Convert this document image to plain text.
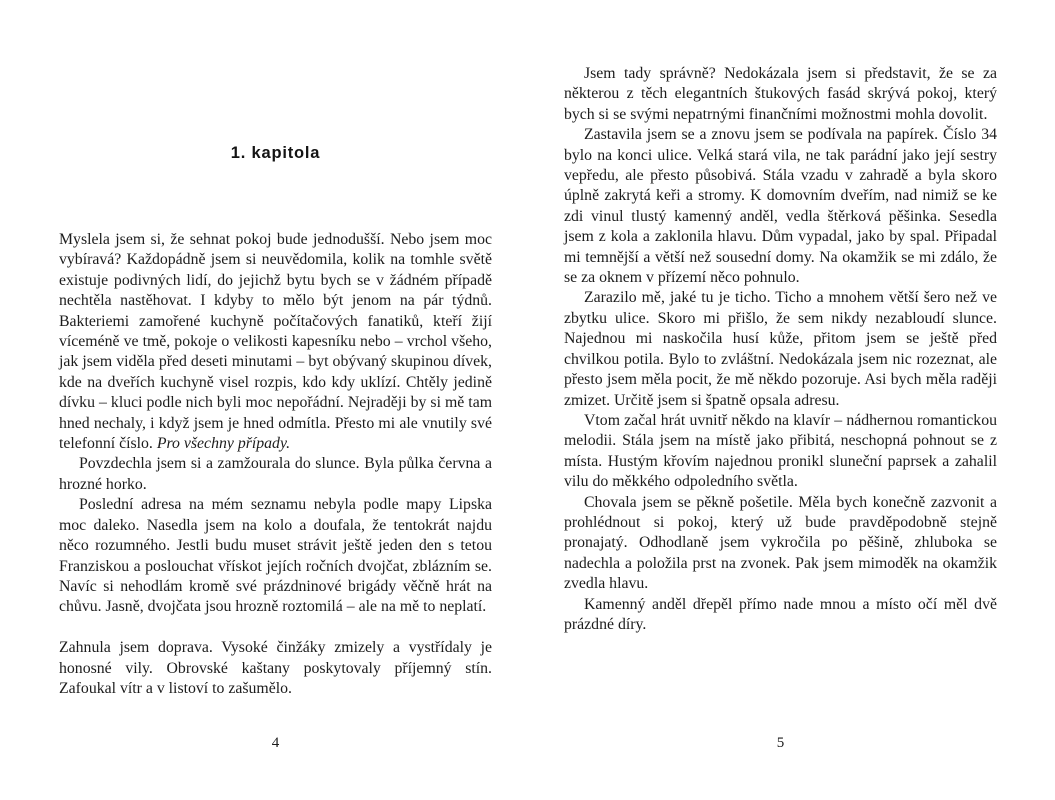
1. kapitola

Myslela jsem si, že sehnat pokoj bude jednodušší. Nebo jsem moc vybíravá? Každopádně jsem si neuvědomila, kolik na tomhle světě existuje podivných lidí, do jejichž bytu bych se v žádném případě nechtěla nastěhovat. I kdyby to mělo být jenom na pár týdnů. Bakteriemi zamořené kuchyně počítačových fanatiků, kteří žijí víceméně ve tmě, pokoje o velikosti kapesníku nebo – vrchol všeho, jak jsem viděla před deseti minutami – byt obývaný skupinou dívek, kde na dveřích kuchyně visel rozpis, kdo kdy uklízí. Chtěly jedině dívku – kluci podle nich byli moc nepořádní. Nejraději by si mě tam hned nechaly, i když jsem je hned odmítla. Přesto mi ale vnutily své telefonní číslo. Pro všechny případy.

Povzdechla jsem si a zamžourala do slunce. Byla půlka června a hrozné horko.

Poslední adresa na mém seznamu nebyla podle mapy Lipska moc daleko. Nasedla jsem na kolo a doufala, že tentokrát najdu něco rozumného. Jestli budu muset strávit ještě jeden den s tetou Franziskou a poslouchat vřískot jejích ročních dvojčat, zblázním se. Navíc si nehodlám kromě své prázdninové brigády věčně hrát na chůvu. Jasně, dvojčata jsou hrozně roztomilá – ale na mě to neplatí.

Zahnula jsem doprava. Vysoké činžáky zmizely a vystřídaly je honosné vily. Obrovské kaštany poskytovaly příjemný stín. Zafoukal vítr a v listoví to zašumělo.

4

Jsem tady správně? Nedokázala jsem si představit, že se za některou z těch elegantních štukových fasád skrývá pokoj, který bych si se svými nepatrnými finančními možnostmi mohla dovolit.

Zastavila jsem se a znovu jsem se podívala na papírek. Číslo 34 bylo na konci ulice. Velká stará vila, ne tak parádní jako její sestry vepředu, ale přesto působivá. Stála vzadu v zahradě a byla skoro úplně zakrytá keři a stromy. K domovním dveřím, nad nimiž se ke zdi vinul tlustý kamenný anděl, vedla štěrková pěšinka. Sesedla jsem z kola a zaklonila hlavu. Dům vypadal, jako by spal. Připadal mi temnější a větší než sousední domy. Na okamžik se mi zdálo, že se za oknem v přízemí něco pohnulo.

Zarazilo mě, jaké tu je ticho. Ticho a mnohem větší šero než ve zbytku ulice. Skoro mi přišlo, že sem nikdy nezabloudí slunce. Najednou mi naskočila husí kůže, přitom jsem se ještě před chvilkou potila. Bylo to zvláštní. Nedokázala jsem nic rozeznat, ale přesto jsem měla pocit, že mě někdo pozoruje. Asi bych měla raději zmizet. Určitě jsem si špatně opsala adresu.

Vtom začal hrát uvnitř někdo na klavír – nádhernou romantickou melodii. Stála jsem na místě jako přibitá, neschopná pohnout se z místa. Hustým křovím najednou pronikl sluneční paprsek a zahalil vilu do měkkého odpoledního světla.

Chovala jsem se pěkně pošetile. Měla bych konečně zazvonit a prohlédnout si pokoj, který už bude pravděpodobně stejně pronajatý. Odhodlaně jsem vykročila po pěšině, zhluboka se nadechla a položila prst na zvonek. Pak jsem mimoděk na okamžik zvedla hlavu.

Kamenný anděl dřepěl přímo nade mnou a místo očí měl dvě prázdné díry.

5
